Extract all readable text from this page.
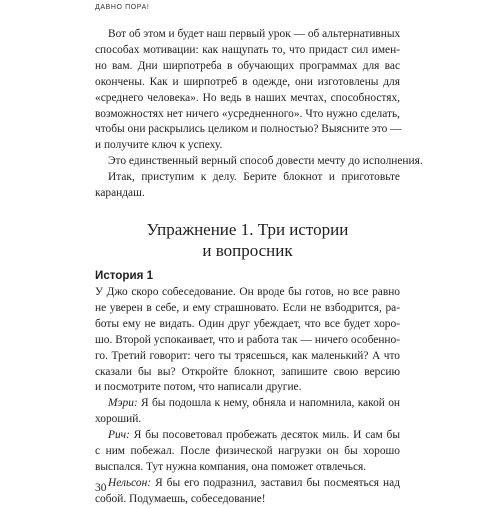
ДАВНО ПОРА!
Вот об этом и будет наш первый урок — об альтернативных
способах мотивации: как нащупать то, что придаст сил имен-
но вам. Дни ширпотреба в обучающих программах для вас
окончены. Как и ширпотреб в одежде, они изготовлены для
«среднего человека». Но ведь в наших мечтах, способностях,
возможностях нет ничего «усредненного». Что нужно сделать,
чтобы они раскрылись целиком и полностью? Выясните это —
и получите ключ к успеху.
Это единственный верный способ довести мечту до исполнения.
Итак, приступим к делу. Берите блокнот и приготовьте
карандаш.
Упражнение 1. Три истории
и вопросник
История 1
У Джо скоро собеседование. Он вроде бы готов, но все равно
не уверен в себе, и ему страшновато. Если не взбодрится, ра-
боты ему не видать. Один друг убеждает, что все будет хоро-
шо. Второй успокаивает, что и работа так — ничего особенно-
го. Третий говорит: чего ты трясешься, как маленький? А что
сказали бы вы? Откройте блокнот, запишите свою версию
и посмотрите потом, что написали другие.
Мэри: Я бы подошла к нему, обняла и напомнила, какой он
хороший.
Рич: Я бы посоветовал пробежать десяток миль. И сам бы
с ним побежал. После физической нагрузки он бы хорошо
выспался. Тут нужна компания, она поможет отвлечься.
Нельсон: Я бы его подразнил, заставил бы посмеяться над
собой. Подумаешь, собеседование!
30
